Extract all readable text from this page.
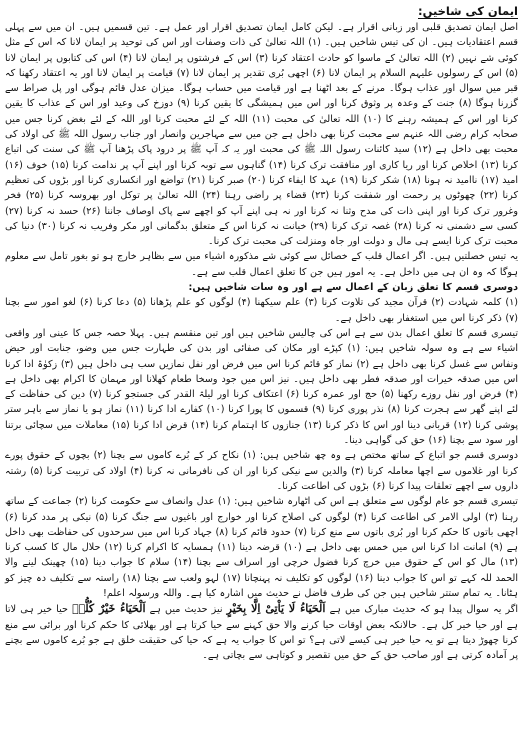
ایمان کی شاخیں:

اصل ایمان تصدیق قلبی اور زبانی اقرار ہے۔ لیکن کامل ایمان تصدیق اقرار اور عمل ہے۔ تین قسمیں ہیں۔ ان میں سے پہلی قسم اعتقادیات ہیں۔ ان کی تیس شاخیں ہیں۔ (۱) اللہ تعالیٰ کی ذات وصفات اور اس کی توحید پر ایمان لانا کہ اس کے مثل کوئی شے نہیں (۲) اللہ تعالیٰ کے ماسوا کو حادث اعتقاد کرنا (۳) اس کے فرشتوں پر ایمان لانا (۴) اس کی کتابوں پر ایمان لانا (۵) اس کے رسولوں علیہم السلام پر ایمان لانا (۶) اچھی بُری تقدیر پر ایمان لانا (۷) قیامت پر ایمان لانا اور یہ اعتقاد رکھنا کہ قبر میں سوال اور عذاب ہوگا۔ مرنے کے بعد اٹھنا ہے اور قیامت میں حساب ہوگا۔ میزان عدل قائم ہوگی اور پل صراط سے گزرنا ہوگا (۸) جنت کے وعدہ پر وثوق کرنا اور اس میں ہمیشگی کا یقین کرنا (۹) دوزخ کی وعید اور اس کے عذاب کا یقین کرنا اور اس کے ہمیشہ رہنے کا (۱۰) اللہ تعالیٰ کی محبت (۱۱) اللہ کے لئے محبت کرنا اور اللہ کے لئے بغض کرنا جس میں صحابہ کرام رضی اللہ عنہم سے محبت کرنا بھی داخل ہے جن میں سے مہاجرین وانصار اور جناب رسول اللہ ﷺ کی اولاد کی محبت بھی داخل ہے (۱۲) سید کائنات رسول اللہ ﷺ کی محبت اور یہ کہ آپ ﷺ پر درود پاک پڑھنا آپ ﷺ کی سنت کی اتباع کرنا (۱۳) اخلاص کرنا اور ریا کاری اور منافقت ترک کرنا (۱۴) گناہوں سے توبہ کرنا اور اپنے آپ پر ندامت کرنا (۱۵) خوف (۱۶) امید (۱۷) ناامید نہ ہونا (۱۸) شکر کرنا (۱۹) عہد کا ایفاء کرنا (۲۰) صبر کرنا (۲۱) تواضع اور انکساری کرنا اور بڑوں کی تعظیم کرنا (۲۲) چھوٹوں پر رحمت اور شفقت کرنا (۲۳) قضاء پر راضی رہنا (۲۴) اللہ تعالیٰ پر توکل اور بھروسہ کرنا (۲۵) فخر وغرور ترک کرنا اور اپنی ذات کی مدح وثنا نہ کرنا اور نہ ہی اپنے آپ کو اچھے سے پاک اوصاف جاننا (۲۶) حسد نہ کرنا (۲۷) کسی سے دشمنی نہ کرنا (۲۸) غصہ ترک کرنا (۲۹) خیانت نہ کرنا اس کے متعلق بدگمانی اور مکر وفریب نہ کرنا (۳۰) دنیا کی محبت ترک کرنا ایسے ہی مال و دولت اور جاہ ومنزلت کی محبت ترک کرنا۔

یہ تیس خصلتیں ہیں۔ اگر اعمال قلب کے خصائل سے کوئی شے مذکورہ اشیاء میں سے بظاہر خارج ہو تو بغور تامل سے معلوم ہوگا کہ وہ ان ہی میں داخل ہے۔ یہ امور ہیں جن کا تعلق اعمال قلب سے ہے۔

دوسری قسم کا تعلق زبان کے اعمال سے ہے اور وہ سات شاخیں ہیں:

(۱) کلمہ شہادت (۲) قرآن مجید کی تلاوت کرنا (۳) علم سیکھنا (۴) لوگوں کو علم پڑھانا (۵) دعا کرنا (۶) لغو امور سے بچنا (۷) ذکر کرنا اس میں استغفار بھی داخل ہے۔

تیسری قسم کا تعلق اعمال بدن سے ہے اس کی چالیس شاخیں ہیں اور تین منقسم ہیں۔ پہلا حصہ جس کا عینی اور واقعی اشیاء سے ہے وہ سولہ شاخیں ہیں: (۱) کپڑے اور مکان کی صفائی اور بدن کی طہارت جس میں وضو، جنابت اور حیض ونفاس سے غسل کرنا بھی داخل ہے (۲) نماز کو قائم کرنا اس میں فرض اور نفل نمازیں سب ہی داخل ہیں (۳) زکوٰۃ ادا کرنا اس میں صدقہ خیرات اور صدقہ فطر بھی داخل ہیں۔ نیز اس میں جود وسخا طعام کھلانا اور مہمان کا اکرام بھی داخل ہے (۴) فرض اور نفل روزے رکھنا (۵) حج اور عمرہ کرنا (۶) اعتکاف کرنا اور لیلۃ القدر کی جستجو کرنا (۷) دین کی حفاظت کے لئے اپنے گھر سے ہجرت کرنا (۸) نذر پوری کرنا (۹) قسموں کا پورا کرنا (۱۰) کفارے ادا کرنا (۱۱) نماز ہو یا نماز سے باہر ستر پوشی کرنا (۱۲) قربانی دینا اور اس کا ذکر کرنا (۱۳) جنازوں کا اہتمام کرنا (۱۴) قرض ادا کرنا (۱۵) معاملات میں سچائی برتنا اور سود سے بچنا (۱۶) حق کی گواہی دینا۔

دوسری قسم جو اتباع کے ساتھ مختص ہے وہ چھ شاخیں ہیں: (۱) نکاح کر کے بُرے کاموں سے بچنا (۲) بچوں کے حقوق پورے کرنا اور غلاموں سے اچھا معاملہ کرنا (۳) والدین سے نیکی کرنا اور ان کی نافرمانی نہ کرنا (۴) اولاد کی تربیت کرنا (۵) رشتہ داروں سے اچھے تعلقات پیدا کرنا (۶) بڑوں کی اطاعت کرنا۔

تیسری قسم جو عام لوگوں سے متعلق ہے اس کی اٹھارہ شاخیں ہیں: (۱) عدل وانصاف سے حکومت کرنا (۲) جماعت کے ساتھ رہنا (۳) اولی الامر کی اطاعت کرنا (۴) لوگوں کی اصلاح کرنا اور خوارج اور باغیوں سے جنگ کرنا (۵) نیکی پر مدد کرنا (۶) اچھی باتوں کا حکم کرنا اور بُری باتوں سے منع کرنا (۷) حدود قائم کرنا (۸) جہاد کرنا اس میں سرحدوں کی حفاظت بھی داخل ہے (۹) امانت ادا کرنا اس میں خمس بھی داخل ہے (۱۰) قرضہ دینا (۱۱) ہمسایہ کا اکرام کرنا (۱۲) حلال مال کا کسب کرنا (۱۳) مال کو اس کے حقوق میں خرچ کرنا فضول خرچی اور اسراف سے بچنا (۱۴) سلام کا جواب دینا (۱۵) چھینک لینے والا الحمد للہ کہے تو اس کا جواب دینا (۱۶) لوگوں کو تکلیف نہ پہنچانا (۱۷) لہو ولعب سے بچنا (۱۸) راستہ سے تکلیف دہ چیز کو ہٹانا۔ یہ تمام ستتر شاخیں ہیں جن کی طرف فاضل نے حدیث میں اشارہ کیا ہے۔ واللہ ورسولہ اعلم!

اگر یہ سوال پیدا ہو کہ حدیث مبارک میں ہے اَلْحَیَاءُ لَا یَاْتِیْ اِلَّا بِخَیْرٍ نیز حدیث میں ہے اَلْحَیَاءُ خَیْرٌ کُلُّہٗ حیا خیر ہی لاتا ہے اور حیا خیر کل ہے۔ حالانکہ بعض اوقات حیا کرنے والا حق کہنے سے حیا کرتا ہے اور بھلائی کا حکم کرنا اور برائی سے منع کرنا چھوڑ دیتا ہے تو یہ حیا خیر ہی کیسے لاتی ہے؟ تو اس کا جواب یہ ہے کہ حیا کی حقیقت خلق ہے جو بُرے کاموں سے بچنے پر آمادہ کرتی ہے اور صاحب حق کے حق میں تقصیر و کوتاہی سے بچاتی ہے۔
